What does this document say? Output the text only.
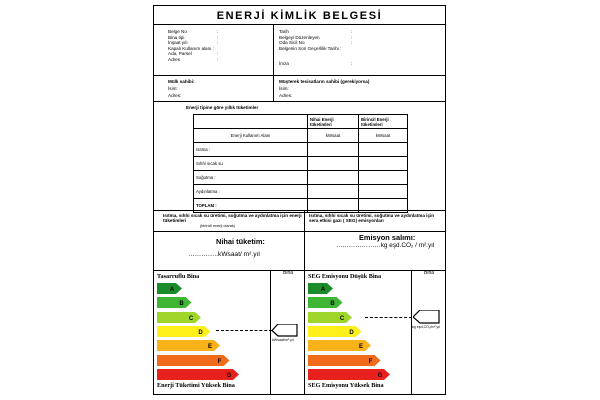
ENERJİ KİMLİK BELGESİ
Belge No	:
Bina tipi	:
İnşaat yılı	:
Kapalı Kullanım alanı :
Ada, Parsel	:
Adres	:
Tarih	:
Belgeyi Düzenleyen	:
Oda Sicil No	:
Belgenin Son Geçerlilik Tarihi :
İmza	:
Mülk sahibi:
İsim:
Adres:
Müşterek tesisatların sahibi (gerekiyorsa)
İsim:
Adres:
Enerji tipine göre yıllık tüketimler
	Nihai Enerji tüketimleri	Birincil Enerji tüketimleri
Enerji Kullanım Alanı	kWsaat	kWsaat
Isıtma :		
Sıhhi sıcak su		
Soğutma :		
Aydınlatma :		
TOPLAM :		
Isıtma, sıhhi sıcak su üretimi, soğutma ve aydınlatma için enerji tüketimleri
(birincil enerji olarak)
Isıtma, sıhhi sıcak su üretimi, soğutma ve aydınlatma için sera etkisi gazı ( SEG) emisyonları
Nihai tüketim:
…………..kWsaat/ m².yıl
Emisyon salımı:
…………………kg eşd.CO₂ / m².yıl
Tasarruflu Bina	Bina
Enerji Tüketimi Yüksek Bina
A
B
C
D
E
F
G
kWsaat/m².yıl
SEG Emisyonu Düşük Bina	Bina
SEG Emisyonu Yüksek Bina
A
B
C
D
E
F
G
kg eşd.CO₂/m².yıl
